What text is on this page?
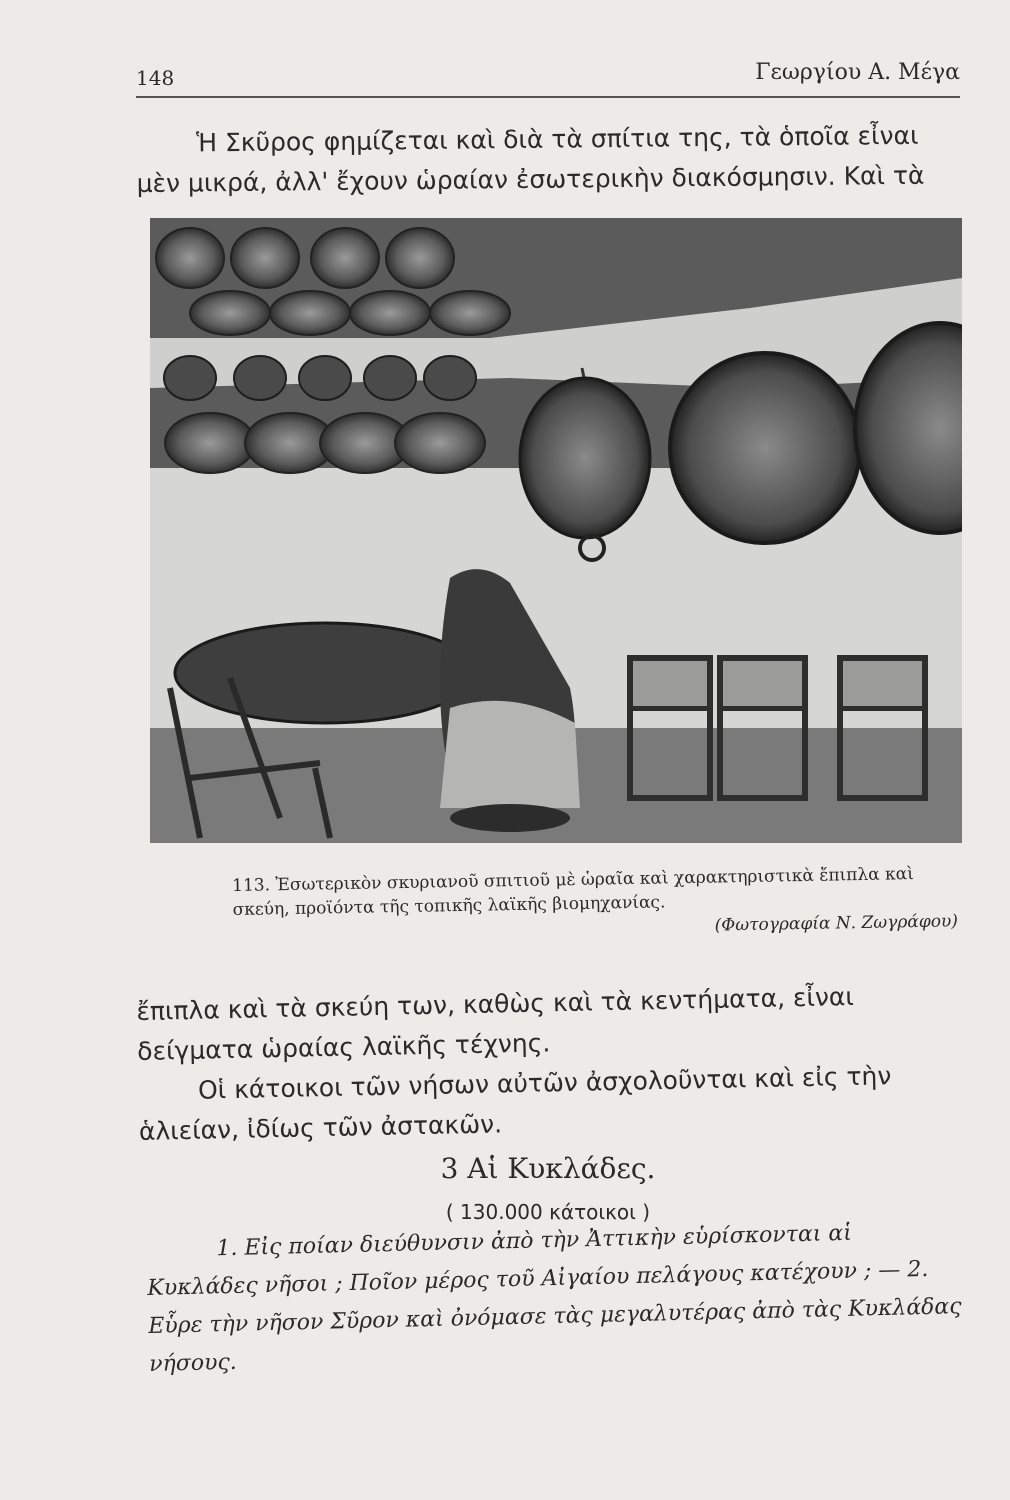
148	Γεωργίου Α. Μέγα

Ἡ Σκῦρος φημίζεται καὶ διὰ τὰ σπίτια της, τὰ ὁποῖα εἶναι μὲν μικρά, ἀλλ' ἔχουν ὡραίαν ἐσωτερικὴν διακόσμησιν. Καὶ τὰ

113. Ἐσωτερικὸν σκυριανοῦ σπιτιοῦ μὲ ὡραῖα καὶ χαρακτηριστικὰ ἔπιπλα καὶ σκεύη, προϊόντα τῆς τοπικῆς λαϊκῆς βιομηχανίας.
(Φωτογραφία Ν. Ζωγράφου)

ἔπιπλα καὶ τὰ σκεύη των, καθὼς καὶ τὰ κεντήματα, εἶναι δείγματα ὡραίας λαϊκῆς τέχνης.
Οἱ κάτοικοι τῶν νήσων αὐτῶν ἀσχολοῦνται καὶ εἰς τὴν ἁλιείαν, ἰδίως τῶν ἀστακῶν.
3 Αἱ Κυκλάδες.

( 130.000 κάτοικοι )

1. Εἰς ποίαν διεύθυνσιν ἀπὸ τὴν Ἀττικὴν εὑρίσκονται αἱ Κυκλάδες νῆσοι ; Ποῖον μέρος τοῦ Αἰγαίου πελάγους κατέχουν ; — 2. Εὗρε τὴν νῆσον Σῦρον καὶ ὀνόμασε τὰς μεγαλυτέρας ἀπὸ τὰς Κυκλάδας νήσους.
